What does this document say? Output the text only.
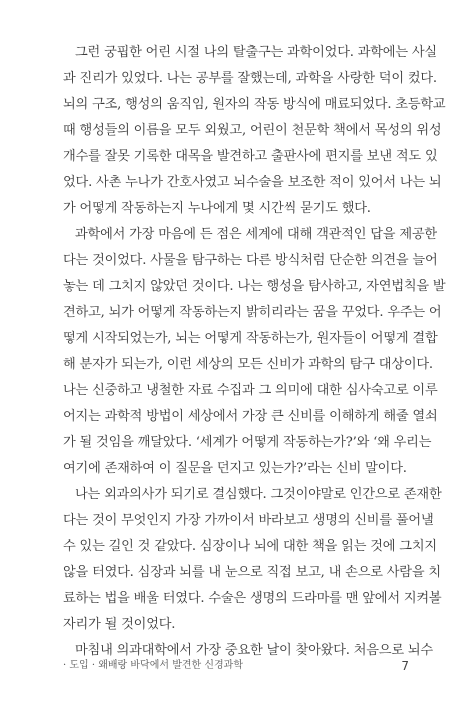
그런 궁핍한 어린 시절 나의 탈출구는 과학이었다. 과학에는 사실
과 진리가 있었다. 나는 공부를 잘했는데, 과학을 사랑한 덕이 컸다.
뇌의 구조, 행성의 움직임, 원자의 작동 방식에 매료되었다. 초등학교
때 행성들의 이름을 모두 외웠고, 어린이 천문학 책에서 목성의 위성
개수를 잘못 기록한 대목을 발견하고 출판사에 편지를 보낸 적도 있
었다. 사촌 누나가 간호사였고 뇌수술을 보조한 적이 있어서 나는 뇌
가 어떻게 작동하는지 누나에게 몇 시간씩 묻기도 했다.
과학에서 가장 마음에 든 점은 세계에 대해 객관적인 답을 제공한
다는 것이었다. 사물을 탐구하는 다른 방식처럼 단순한 의견을 늘어
놓는 데 그치지 않았던 것이다. 나는 행성을 탐사하고, 자연법칙을 발
견하고, 뇌가 어떻게 작동하는지 밝히리라는 꿈을 꾸었다. 우주는 어
떻게 시작되었는가, 뇌는 어떻게 작동하는가, 원자들이 어떻게 결합
해 분자가 되는가, 이런 세상의 모든 신비가 과학의 탐구 대상이다.
나는 신중하고 냉철한 자료 수집과 그 의미에 대한 심사숙고로 이루
어지는 과학적 방법이 세상에서 가장 큰 신비를 이해하게 해줄 열쇠
가 될 것임을 깨달았다. ‘세계가 어떻게 작동하는가?’와 ‘왜 우리는
여기에 존재하여 이 질문을 던지고 있는가?’라는 신비 말이다.
나는 외과의사가 되기로 결심했다. 그것이야말로 인간으로 존재한
다는 것이 무엇인지 가장 가까이서 바라보고 생명의 신비를 풀어낼
수 있는 길인 것 같았다. 심장이나 뇌에 대한 책을 읽는 것에 그치지
않을 터였다. 심장과 뇌를 내 눈으로 직접 보고, 내 손으로 사람을 치
료하는 법을 배울 터였다. 수술은 생명의 드라마를 맨 앞에서 지켜볼
자리가 될 것이었다.
마침내 의과대학에서 가장 중요한 날이 찾아왔다. 처음으로 뇌수
· 도입 · 왜배랑 바닥에서 발견한 신경과학	7
